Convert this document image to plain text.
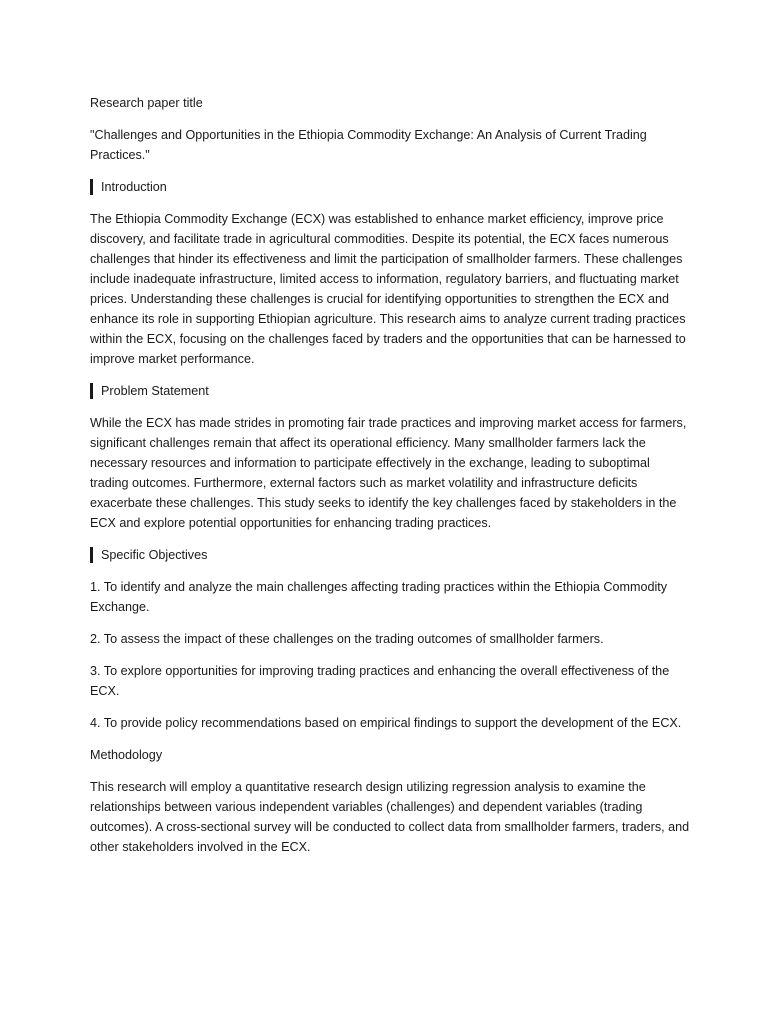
Research paper title

"Challenges and Opportunities in the Ethiopia Commodity Exchange: An Analysis of Current Trading Practices."

Introduction

The Ethiopia Commodity Exchange (ECX) was established to enhance market efficiency, improve price discovery, and facilitate trade in agricultural commodities. Despite its potential, the ECX faces numerous challenges that hinder its effectiveness and limit the participation of smallholder farmers. These challenges include inadequate infrastructure, limited access to information, regulatory barriers, and fluctuating market prices. Understanding these challenges is crucial for identifying opportunities to strengthen the ECX and enhance its role in supporting Ethiopian agriculture. This research aims to analyze current trading practices within the ECX, focusing on the challenges faced by traders and the opportunities that can be harnessed to improve market performance.

Problem Statement

While the ECX has made strides in promoting fair trade practices and improving market access for farmers, significant challenges remain that affect its operational efficiency. Many smallholder farmers lack the necessary resources and information to participate effectively in the exchange, leading to suboptimal trading outcomes. Furthermore, external factors such as market volatility and infrastructure deficits exacerbate these challenges. This study seeks to identify the key challenges faced by stakeholders in the ECX and explore potential opportunities for enhancing trading practices.

Specific Objectives

1. To identify and analyze the main challenges affecting trading practices within the Ethiopia Commodity Exchange.

2. To assess the impact of these challenges on the trading outcomes of smallholder farmers.

3. To explore opportunities for improving trading practices and enhancing the overall effectiveness of the ECX.

4. To provide policy recommendations based on empirical findings to support the development of the ECX.

Methodology

This research will employ a quantitative research design utilizing regression analysis to examine the relationships between various independent variables (challenges) and dependent variables (trading outcomes). A cross-sectional survey will be conducted to collect data from smallholder farmers, traders, and other stakeholders involved in the ECX.
